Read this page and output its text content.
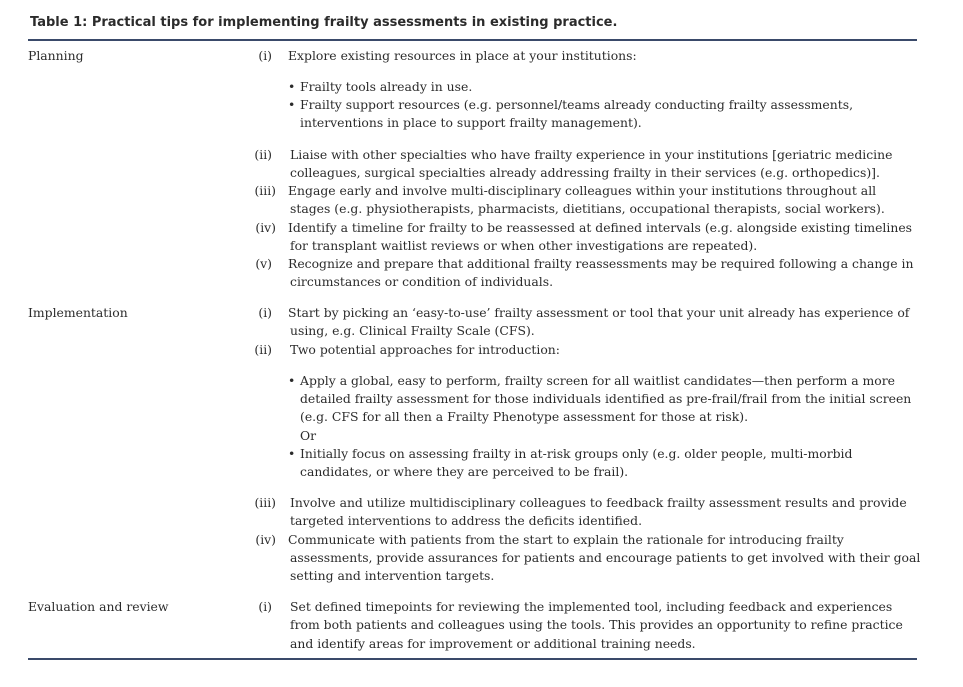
Table 1: Practical tips for implementing frailty assessments in existing practice.
Planning	(i) Explore existing resources in place at your institutions:
• Frailty tools already in use.
• Frailty support resources (e.g. personnel/teams already conducting frailty assessments,
interventions in place to support frailty management).
(ii) Liaise with other specialties who have frailty experience in your institutions [geriatric medicine
colleagues, surgical specialties already addressing frailty in their services (e.g. orthopedics)].
(iii) Engage early and involve multi-disciplinary colleagues within your institutions throughout all
stages (e.g. physiotherapists, pharmacists, dietitians, occupational therapists, social workers).
(iv) Identify a timeline for frailty to be reassessed at defined intervals (e.g. alongside existing timelines
for transplant waitlist reviews or when other investigations are repeated).
(v) Recognize and prepare that additional frailty reassessments may be required following a change in
circumstances or condition of individuals.
Implementation	(i) Start by picking an ‘easy-to-use’ frailty assessment or tool that your unit already has experience of
using, e.g. Clinical Frailty Scale (CFS).
(ii) Two potential approaches for introduction:
• Apply a global, easy to perform, frailty screen for all waitlist candidates—then perform a more
detailed frailty assessment for those individuals identified as pre-frail/frail from the initial screen
(e.g. CFS for all then a Frailty Phenotype assessment for those at risk).
Or
• Initially focus on assessing frailty in at-risk groups only (e.g. older people, multi-morbid
candidates, or where they are perceived to be frail).
(iii) Involve and utilize multidisciplinary colleagues to feedback frailty assessment results and provide
targeted interventions to address the deficits identified.
(iv) Communicate with patients from the start to explain the rationale for introducing frailty
assessments, provide assurances for patients and encourage patients to get involved with their goal
setting and intervention targets.
Evaluation and review	(i) Set defined timepoints for reviewing the implemented tool, including feedback and experiences
from both patients and colleagues using the tools. This provides an opportunity to refine practice
and identify areas for improvement or additional training needs.
